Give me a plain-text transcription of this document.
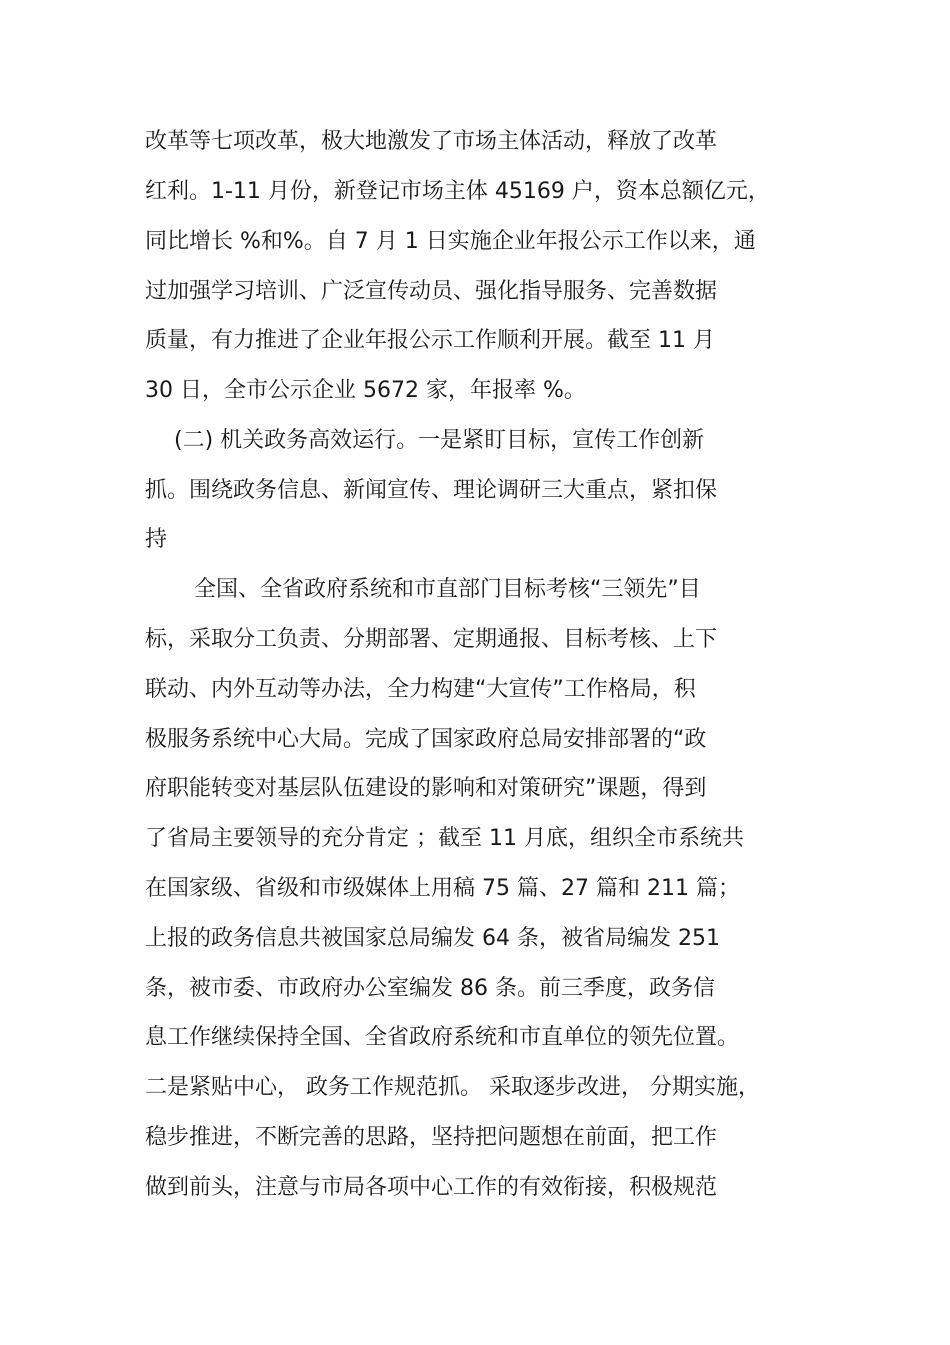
改革等七项改革，极大地激发了市场主体活动，释放了改革
红利。1-11 月份，新登记市场主体 45169 户，资本总额亿元，
同比增长 %和%。自 7 月 1 日实施企业年报公示工作以来，通
过加强学习培训、广泛宣传动员、强化指导服务、完善数据
质量，有力推进了企业年报公示工作顺利开展。截至 11 月
30 日，全市公示企业 5672 家，年报率 %。
(二) 机关政务高效运行。一是紧盯目标，宣传工作创新
抓。围绕政务信息、新闻宣传、理论调研三大重点，紧扣保
持
全国、全省政府系统和市直部门目标考核“三领先”目
标，采取分工负责、分期部署、定期通报、目标考核、上下
联动、内外互动等办法，全力构建“大宣传”工作格局，积
极服务系统中心大局。完成了国家政府总局安排部署的“政
府职能转变对基层队伍建设的影响和对策研究”课题，得到
了省局主要领导的充分肯定 ；截至 11 月底，组织全市系统共
在国家级、省级和市级媒体上用稿 75 篇、27 篇和 211 篇；
上报的政务信息共被国家总局编发 64 条，被省局编发 251
条，被市委、市政府办公室编发 86 条。前三季度，政务信
息工作继续保持全国、全省政府系统和市直单位的领先位置。
二是紧贴中心， 政务工作规范抓。 采取逐步改进， 分期实施，
稳步推进，不断完善的思路，坚持把问题想在前面，把工作
做到前头，注意与市局各项中心工作的有效衔接，积极规范
